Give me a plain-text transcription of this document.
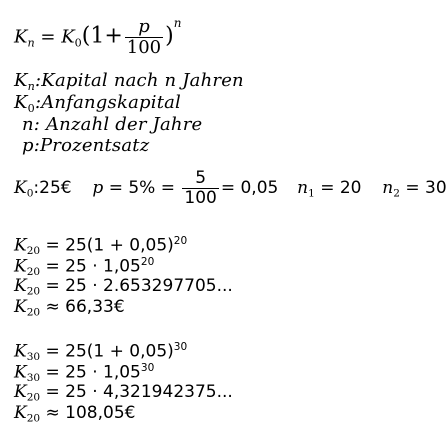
$K_n = K_0(1+ \frac{p}{100} )^n$
$K_n:Kapital$ nach n Jahren
$K_0:Anfangskapital$
n: Anzahl der Jahre
p:Prozentsatz
$K_0:25€$ $p = 5\% = \frac{5}{100} = 0,05$ $n_1 = 20$ $n_2 = 30$
$K_{20} = 25(1 + 0,05)^{20}$
$K_{20} = 25 \cdot 1,05^{20}$
$K_{20} = 25 \cdot 2.653297705$...
$K_{20}$ ≈ 66,33€
$K_{30} = 25(1 + 0,05)^{30}$
$K_{30} = 25 \cdot 1,05^{30}$
$K_{20} = 25 \cdot 4,321942375$...
$K_{20}$ ≈ 108,05€
